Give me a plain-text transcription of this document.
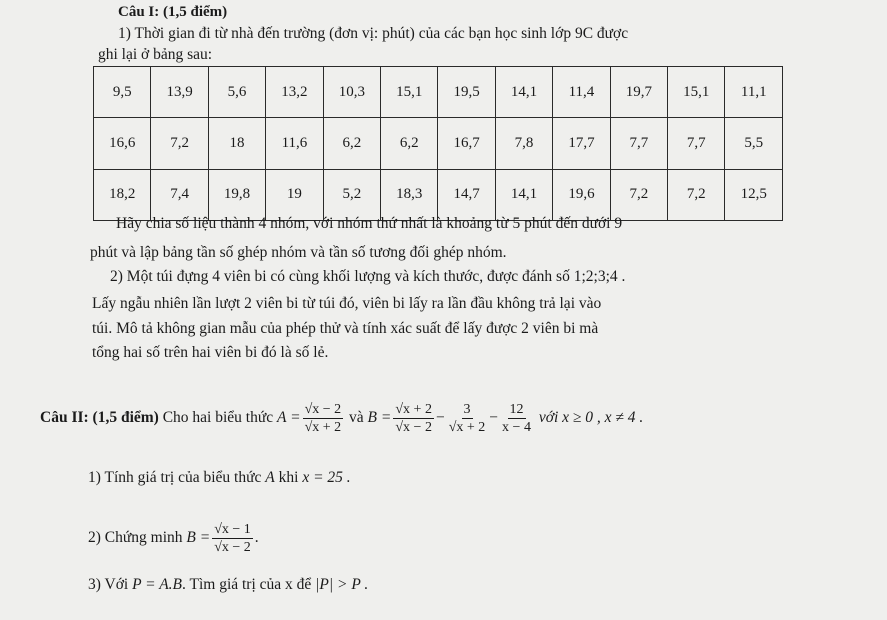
Câu I: (1,5 điểm)
1) Thời gian đi từ nhà đến trường (đơn vị: phút) của các bạn học sinh lớp 9C được
ghi lại ở bảng sau:
9,5	13,9	5,6	13,2	10,3	15,1	19,5	14,1	11,4	19,7	15,1	11,1
16,6	7,2	18	11,6	6,2	6,2	16,7	7,8	17,7	7,7	7,7	5,5
18,2	7,4	19,8	19	5,2	18,3	14,7	14,1	19,6	7,2	7,2	12,5
Hãy chia số liệu thành 4 nhóm, với nhóm thứ nhất là khoảng từ 5 phút đến dưới 9
phút và lập bảng tần số ghép nhóm và tần số tương đối ghép nhóm.
2) Một túi đựng 4 viên bi có cùng khối lượng và kích thước, được đánh số 1;2;3;4 .
Lấy ngẫu nhiên lần lượt 2 viên bi từ túi đó, viên bi lấy ra lần đầu không trả lại vào
túi. Mô tả không gian mẫu của phép thử và tính xác suất để lấy được 2 viên bi mà
tổng hai số trên hai viên bi đó là số lẻ.
Câu II: (1,5 điểm) Cho hai biểu thức $A = \frac{√x - 2}{√x + 2}$ và $B = \frac{√x + 2}{√x - 2} - \frac{3}{√x + 2} - \frac{12}{x - 4}$ với x ≥ 0 , x ≠ 4 .
1) Tính giá trị của biểu thức A khi x = 25 .
2) Chứng minh $B = \frac{√x - 1}{√x - 2}$ .
3) Với P = A.B. Tìm giá trị của x để |P| > P .
